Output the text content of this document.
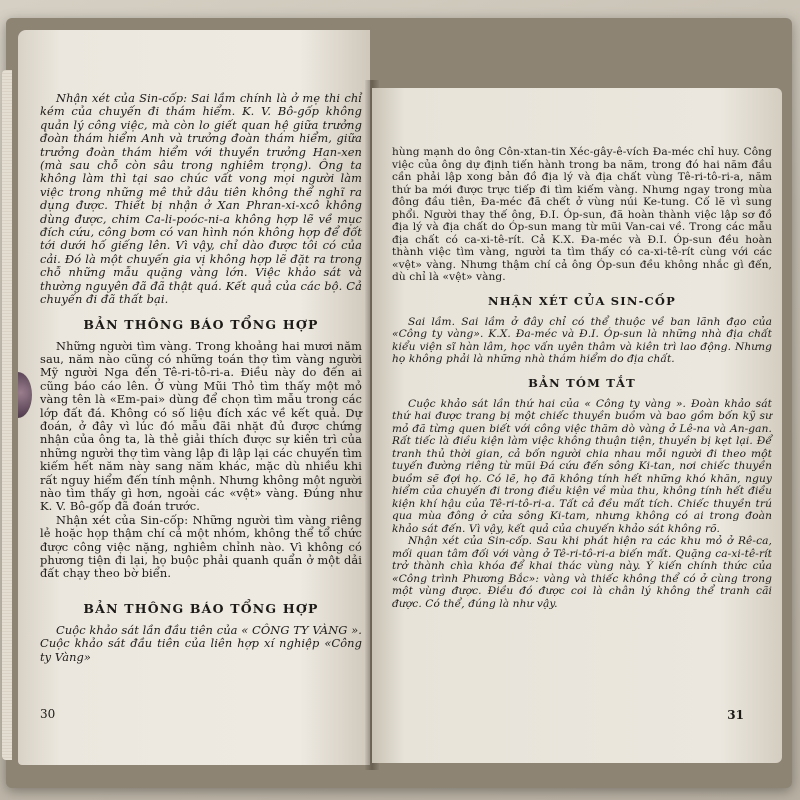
Nhận xét của Sin-cốp: Sai lầm chính là ở mẹ thi chỉ kém của chuyến đi thám hiểm. K. V. Bô-gốp không quản lý công việc, mà còn lo giết quan hệ giữa trưởng đoàn thám hiểm Anh và trưởng đoàn thám hiểm, giữa trưởng đoàn thám hiểm với thuyền trưởng Han-xen (mà sau chỗ còn sâu trong nghiêm trọng). Ông ta không làm thì tại sao chúc vất vong mọi người làm việc trong những mê thử dâu tiên không thể nghĩ ra dụng được. Thiết bị nhận ở Xan Phran-xi-xcô không dùng được, chim Ca-li-poóc-ni-a không hợp lẽ về mục đích cứu, công bơm có van hình nón không hợp để đốt tới dưới hố giếng lên. Vì vậy, chỉ dào được tôi có của cải. Đó là một chuyến gia vị không hợp lẽ đặt ra trong chỗ những mẫu quặng vàng lớn. Việc khảo sát và thường nguyên đã đã thật quá. Kết quả của các bộ. Cả chuyến đi đã thất bại.

BẢN THÔNG BÁO TỔNG HỢP

Những người tìm vàng. Trong khoảng hai mươi năm sau, năm nào cũng có những toán thợ tìm vàng người Mỹ người Nga đến Tê-ri-tô-ri-a. Điều này do đến ai cũng báo cáo lên. Ở vùng Mũi Thỏ tìm thấy một mỏ vàng tên là «Em-pai» dùng để chọn tìm mẫu trong các lớp đất đá. Không có số liệu đích xác về kết quả. Dự đoán, ở đây vì lúc đó mẫu đãi nhặt đủ được chứng nhận của ông ta, là thẻ giải thích được sự kiên trì của những người thợ tìm vàng lập đi lập lại các chuyến tìm kiếm hết năm này sang năm khác, mặc dù nhiều khi rất nguy hiểm đến tính mệnh. Nhưng không một người nào tìm thấy gì hơn, ngoài các «vệt» vàng. Đúng như K. V. Bô-gốp đã đoán trước.

Nhận xét của Sin-cốp: Những người tìm vàng riêng lẻ hoặc họp thậm chí cả một nhóm, không thể tổ chức được công việc nặng, nghiêm chỉnh nào. Vì không có phương tiện đi lại, họ buộc phải quanh quẩn ở một dải đất chạy theo bờ biển.

BẢN THÔNG BÁO TỔNG HỢP

Cuộc khảo sát lần đầu tiên của « CÔNG TY VÀNG ». Cuộc khảo sát đầu tiên của liên hợp xí nghiệp «Công ty Vàng»

30

hùng mạnh do ông Côn-xtan-tin Xéc-gây-ê-vích Đa-méc chỉ huy. Công việc của ông dự định tiến hành trong ba năm, trong đó hai năm đầu cần phải lập xong bản đồ địa lý và địa chất vùng Tê-ri-tô-ri-a, năm thứ ba mới được trực tiếp đi tìm kiếm vàng. Nhưng ngay trong mùa đông đầu tiên, Đa-méc đã chết ở vùng núi Ke-tung. Cố lẽ vì sung phổi. Người thay thế ông, Đ.I. Óp-sun, đã hoàn thành việc lập sơ đồ địa lý và địa chất do Óp-sun mang từ mũi Van-cai về. Trong các mẫu địa chất có ca-xi-tê-rít. Cả K.X. Đa-méc và Đ.I. Óp-sun đều hoàn thành việc tìm vàng, người ta tìm thấy có ca-xi-tê-rít cùng với các «vệt» vàng. Nhưng thậm chí cả ông Óp-sun đều không nhắc gì đến, dù chỉ là «vệt» vàng.

NHẬN XÉT CỦA SIN-CỐP

Sai lầm. Sai lầm ở đây chỉ có thể thuộc về ban lãnh đạo của «Công ty vàng». K.X. Đa-méc và Đ.I. Óp-sun là những nhà địa chất kiểu viện sĩ hàn lâm, học vấn uyên thâm và kiên trì lao động. Nhưng họ không phải là những nhà thám hiểm do địa chất.

BẢN TÓM TẮT

Cuộc khảo sát lần thứ hai của « Công ty vàng ». Đoàn khảo sát thứ hai được trang bị một chiếc thuyền buồm và bao gồm bốn kỹ sư mỏ đã từng quen biết với công việc thăm dò vàng ở Lê-na và An-gan. Rất tiếc là điều kiện làm việc không thuận tiện, thuyền bị kẹt lại. Để tranh thủ thời gian, cả bốn người chia nhau mỗi người đi theo một tuyến đường riêng từ mũi Đá cứu đến sông Ki-tan, nơi chiếc thuyền buồm sẽ đợi họ. Có lẽ, họ đã không tính hết những khó khăn, nguy hiểm của chuyến đi trong điều kiện về mùa thu, không tính hết điều kiện khí hậu của Tê-ri-tô-ri-a. Tất cả đều mất tích. Chiếc thuyền trú qua mùa đông ở cửa sông Ki-tam, nhưng không có ai trong đoàn khảo sát đến. Vì vậy, kết quả của chuyến khảo sát không rõ.

Nhận xét của Sin-cốp. Sau khi phát hiện ra các khu mỏ ở Rê-ca, mối quan tâm đối với vàng ở Tê-ri-tô-ri-a biến mất. Quặng ca-xi-tê-rít trở thành chìa khóa để khai thác vùng này. Ý kiến chính thức của «Công trình Phương Bắc»: vàng và thiếc không thể có ở cùng trong một vùng được. Điều đó được coi là chân lý không thể tranh cãi được. Có thể, đúng là như vậy.

31
